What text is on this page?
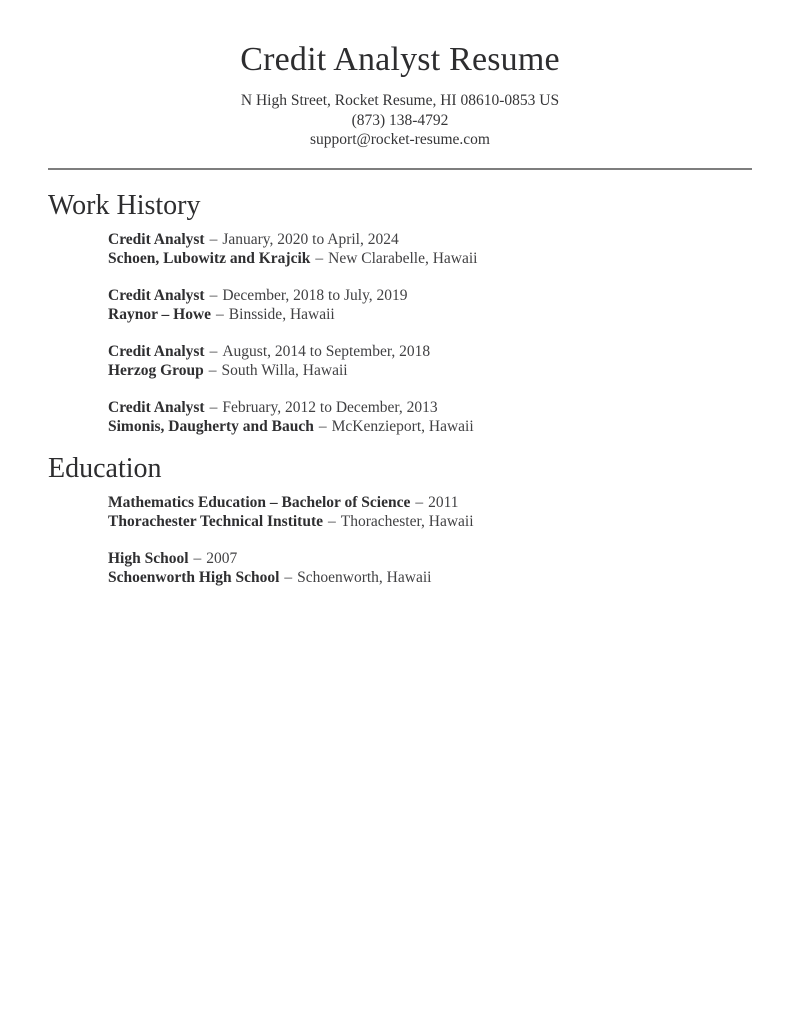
Credit Analyst Resume
N High Street, Rocket Resume, HI 08610-0853 US
(873) 138-4792
support@rocket-resume.com
Work History
Credit Analyst – January, 2020 to April, 2024
Schoen, Lubowitz and Krajcik – New Clarabelle, Hawaii
Credit Analyst – December, 2018 to July, 2019
Raynor – Howe – Binsside, Hawaii
Credit Analyst – August, 2014 to September, 2018
Herzog Group – South Willa, Hawaii
Credit Analyst – February, 2012 to December, 2013
Simonis, Daugherty and Bauch – McKenzieport, Hawaii
Education
Mathematics Education – Bachelor of Science – 2011
Thorachester Technical Institute – Thorachester, Hawaii
High School – 2007
Schoenworth High School – Schoenworth, Hawaii
